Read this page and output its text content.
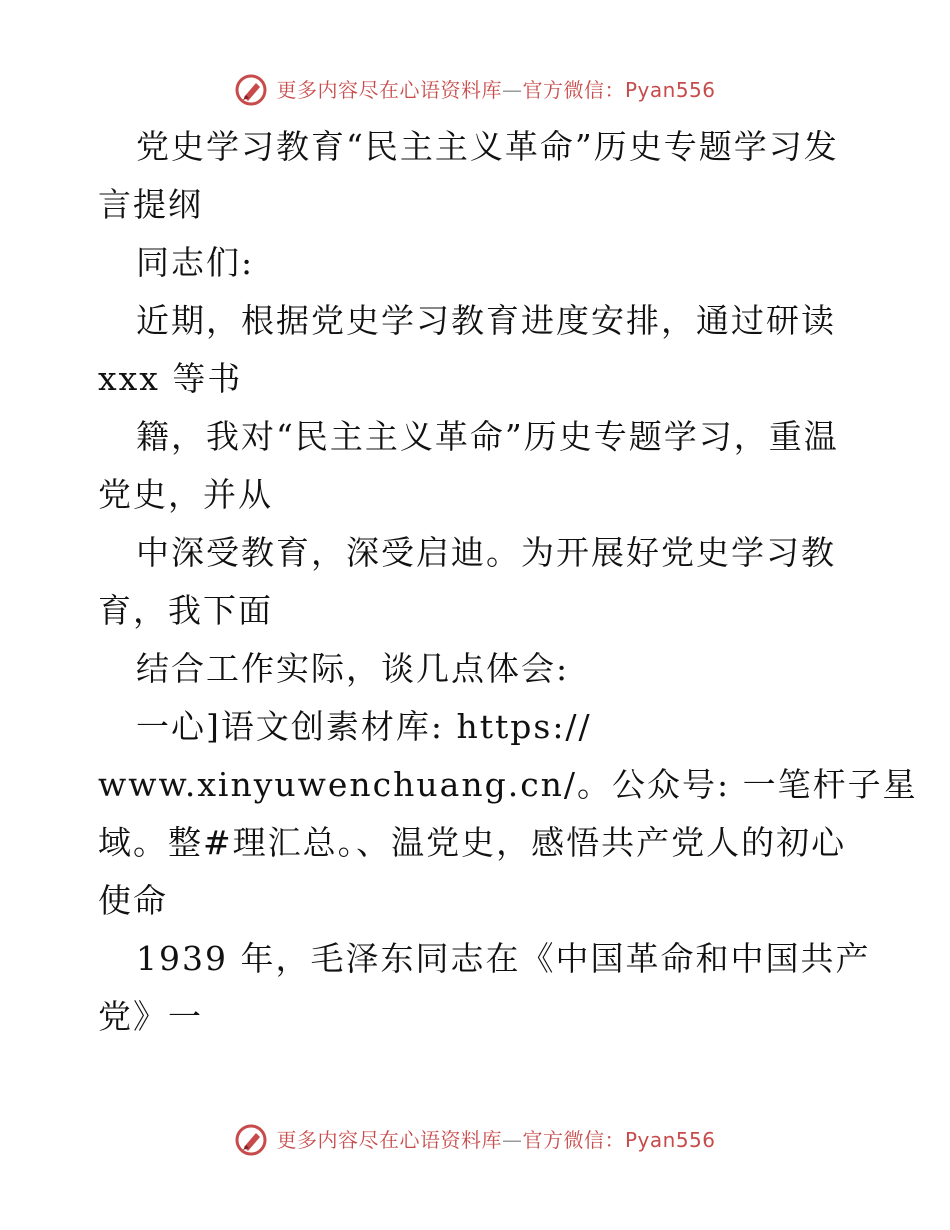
更多内容尽在心语资料库—官方微信：Pyan556
党史学习教育“民主主义革命”历史专题学习发
言提纲
同志们:
近期，根据党史学习教育进度安排，通过研读
xxx 等书
籍，我对“民主主义革命”历史专题学习，重温
党史，并从
中深受教育，深受启迪。为开展好党史学习教
育，我下面
结合工作实际，谈几点体会:
一心]语文创素材库: https://
www.xinyuwenchuang.cn/。公众号: 一笔杆子星
域。整#理汇总。、温党史，感悟共产党人的初心
使命
1939 年，毛泽东同志在《中国革命和中国共产
党》一
更多内容尽在心语资料库—官方微信：Pyan556
